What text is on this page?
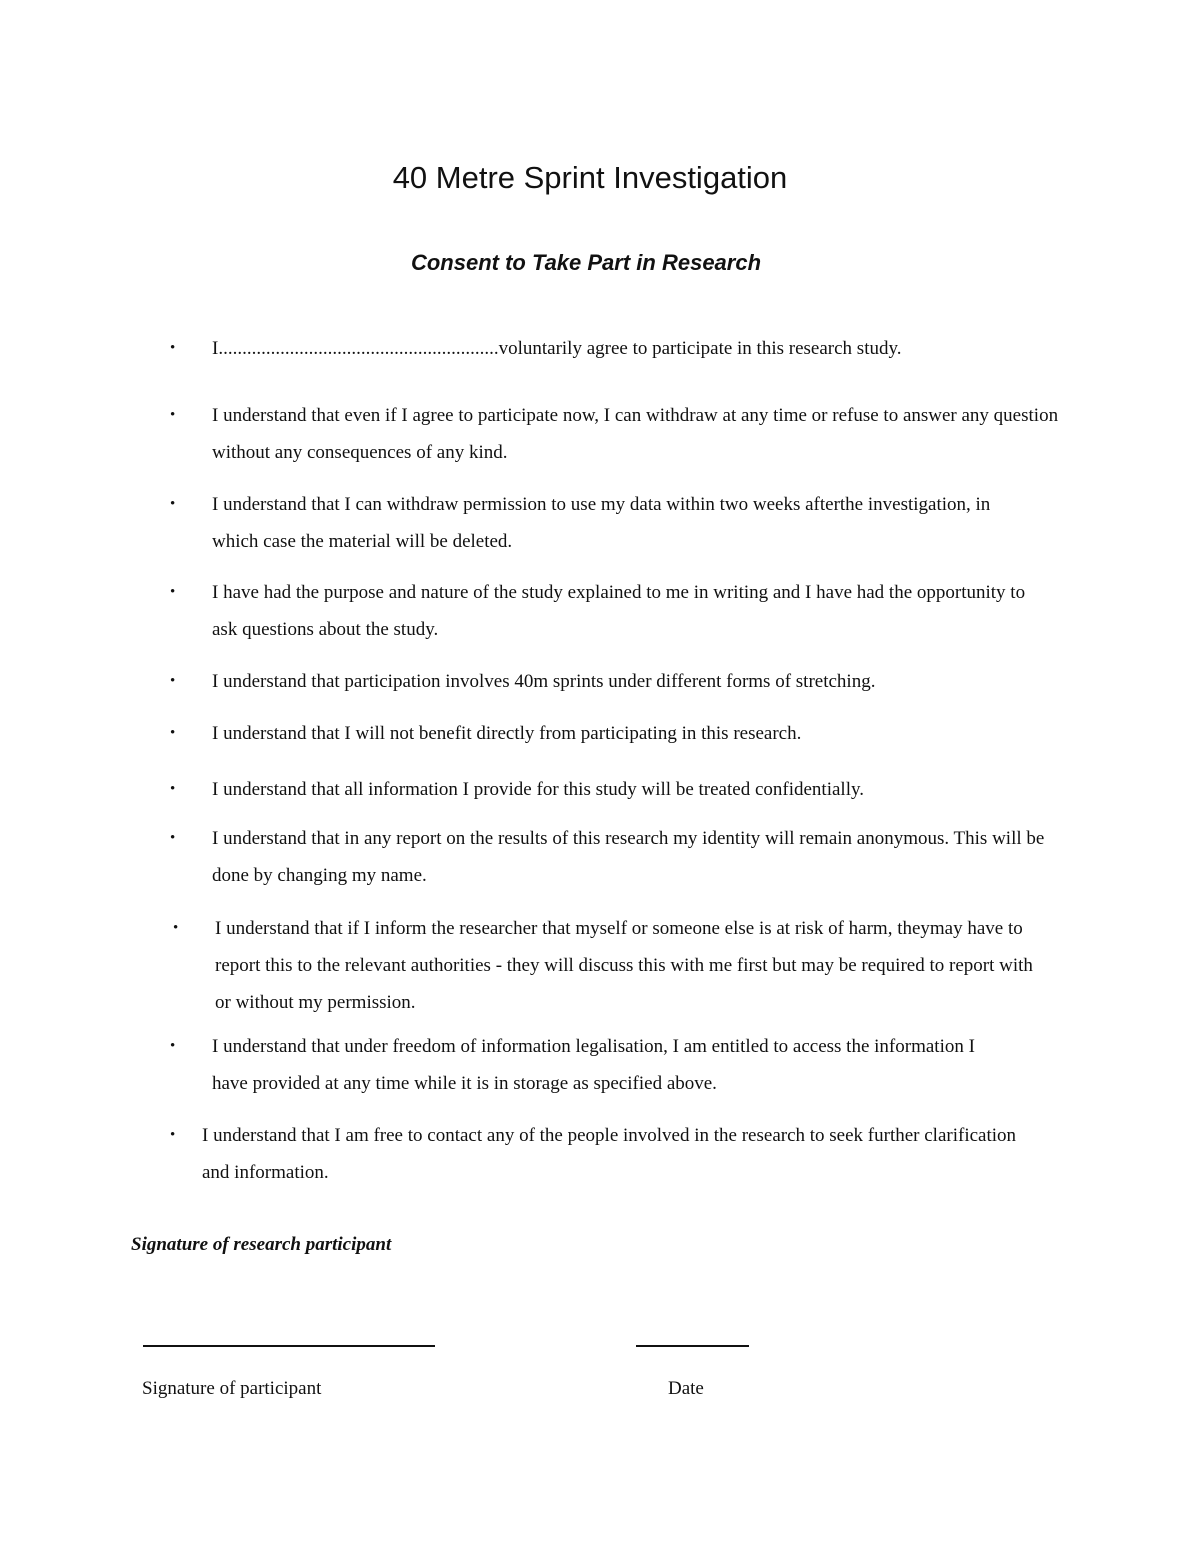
40 Metre Sprint Investigation
Consent to Take Part in Research
• I...........................................................voluntarily agree to participate in this research study.
• I understand that even if I agree to participate now, I can withdraw at any time or refuse to answer any question without any consequences of any kind.
• I understand that I can withdraw permission to use my data within two weeks afterthe investigation, in which case the material will be deleted.
• I have had the purpose and nature of the study explained to me in writing and I have had the opportunity to ask questions about the study.
• I understand that participation involves 40m sprints under different forms of stretching.
• I understand that I will not benefit directly from participating in this research.
• I understand that all information I provide for this study will be treated confidentially.
• I understand that in any report on the results of this research my identity will remain anonymous. This will be done by changing my name.
• I understand that if I inform the researcher that myself or someone else is at risk of harm, theymay have to report this to the relevant authorities - they will discuss this with me first but may be required to report with or without my permission.
• I understand that under freedom of information legalisation, I am entitled to access the information I have provided at any time while it is in storage as specified above.
• I understand that I am free to contact any of the people involved in the research to seek further clarification and information.
Signature of research participant
Signature of participant	Date
